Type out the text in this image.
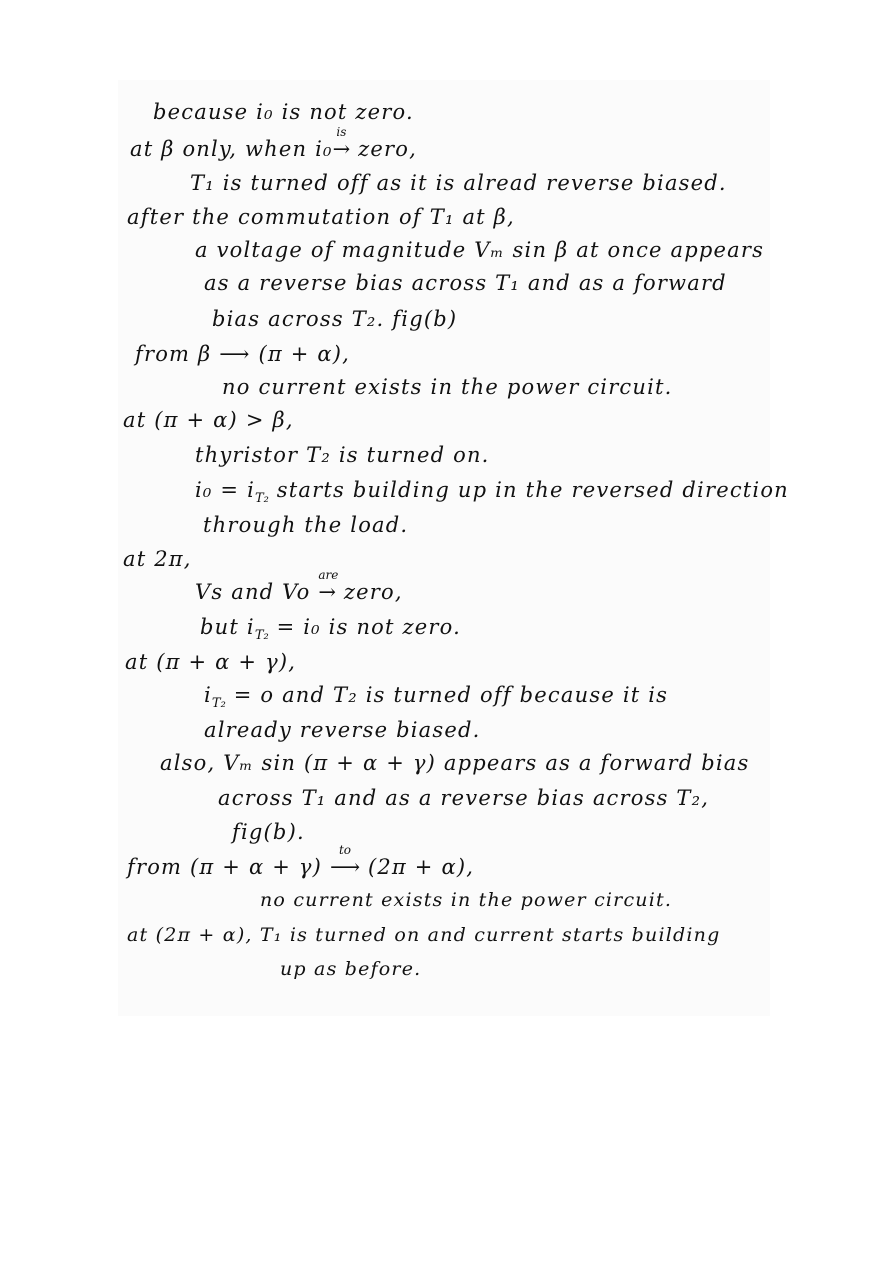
because i₀ is not zero.
at β only, when i₀
is
→ zero,
T₁ is turned off as it is alread reverse biased.
after the commutation of T₁ at β,
a voltage of magnitude Vₘ sin β at once appears
as a reverse bias across T₁ and as a forward
bias across T₂. fig(b)
from β ⟶ (π + α),
no current exists in the power circuit.
at (π + α) > β,
thyristor T₂ is turned on.
$i_0 = i_{T_2}$ starts building up in the reversed direction
through the load.
at 2π,
Vs and Vo
are
→ zero,
but $i_{T_2} = i_0$ is not zero.
at (π + α + γ),
$i_{T_2} = o$ and T₂ is turned off because it is
already reverse biased.
also, Vₘ sin (π + α + γ) appears as a forward bias
across T₁ and as a reverse bias across T₂,
fig(b).
from (π + α + γ)
to
⟶ (2π + α),
no current exists in the power circuit.
at (2π + α), T₁ is turned on and current starts building
up as before.
